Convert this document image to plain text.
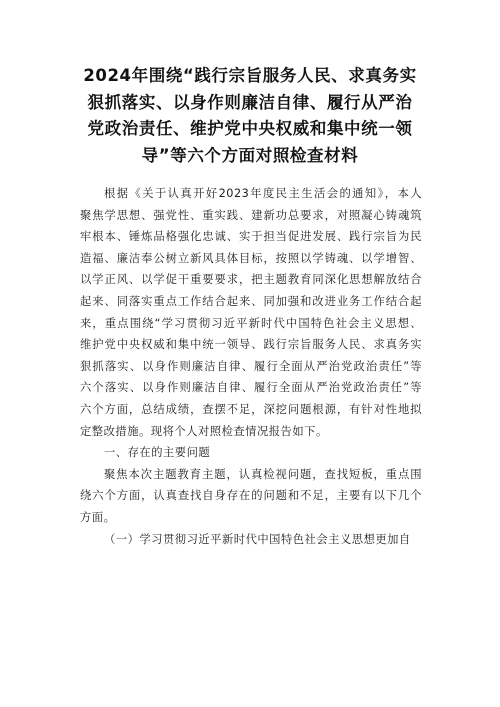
2024年围绕“践行宗旨服务人民、求真务实
狠抓落实、以身作则廉洁自律、履行从严治
党政治责任、维护党中央权威和集中统一领
导”等六个方面对照检查材料
根据《关于认真开好2023年度民主生活会的通知》，本人
聚焦学思想、强党性、重实践、建新功总要求，对照凝心铸魂筑
牢根本、锤炼品格强化忠诚、实于担当促进发展、践行宗旨为民
造福、廉洁奉公树立新风具体目标，按照以学铸魂、以学增智、
以学正风、以学促干重要要求，把主题教育同深化思想解放结合
起来、同落实重点工作结合起来、同加强和改进业务工作结合起
来，重点围绕“学习贯彻习近平新时代中国特色社会主义思想、
维护党中央权威和集中统一领导、践行宗旨服务人民、求真务实
狠抓落实、以身作则廉洁自律、履行全面从严治党政治责任”等
六个落实、以身作则廉洁自律、履行全面从严治党政治责任”等
六个方面，总结成绩，查摆不足，深挖问题根源，有针对性地拟
定整改措施。现将个人对照检查情况报告如下。
一、存在的主要问题
聚焦本次主题教育主题，认真检视问题，查找短板，重点围
绕六个方面，认真查找自身存在的问题和不足，主要有以下几个
方面。
（一）学习贯彻习近平新时代中国特色社会主义思想更加自
